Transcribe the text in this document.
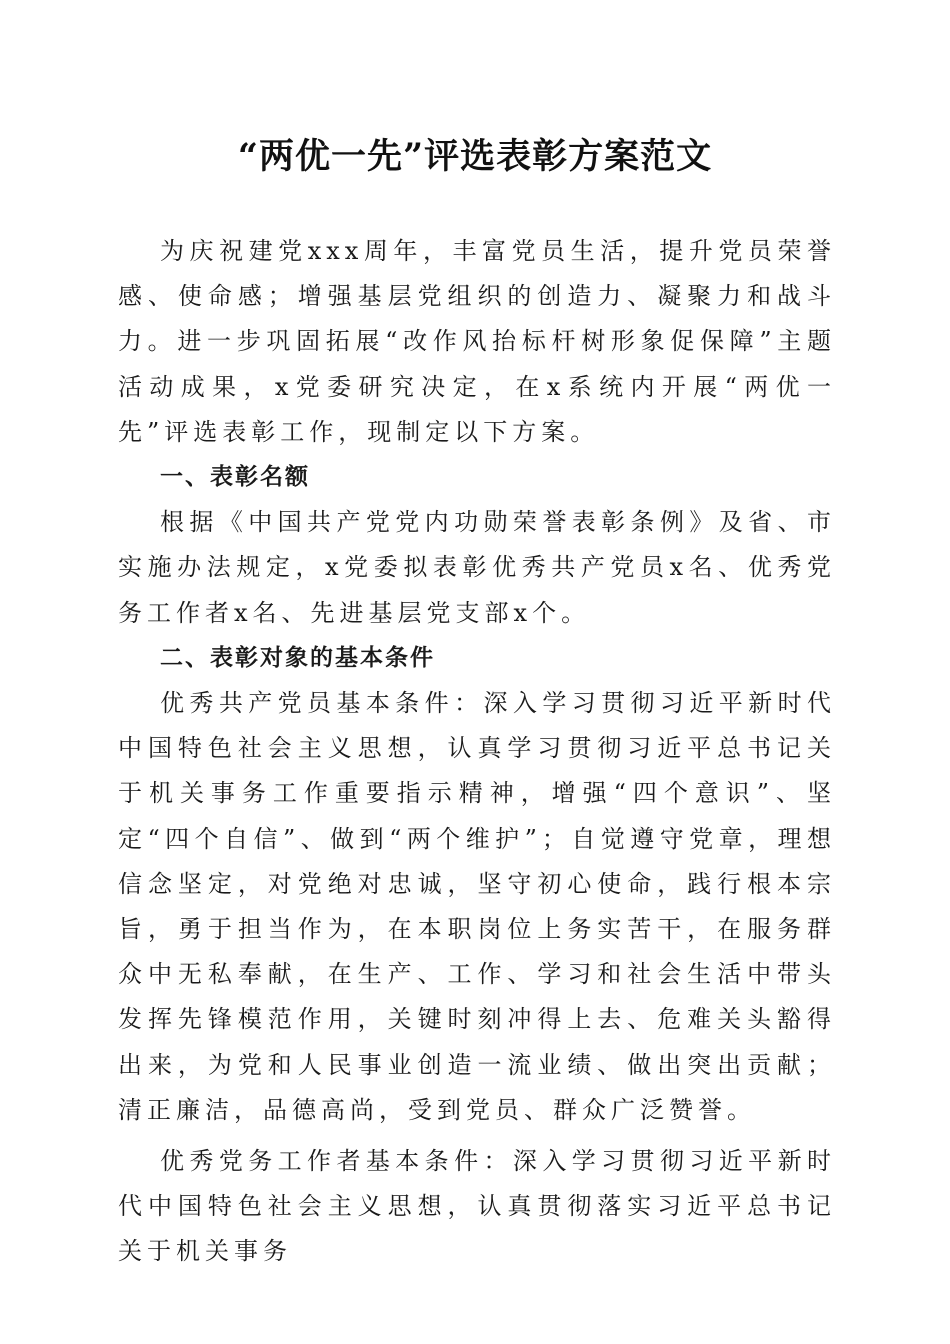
“两优一先”评选表彰方案范文

为庆祝建党xxx周年，丰富党员生活，提升党员荣誉感、使命感；增强基层党组织的创造力、凝聚力和战斗力。进一步巩固拓展“改作风抬标杆树形象促保障”主题活动成果，x党委研究决定，在x系统内开展“两优一先”评选表彰工作，现制定以下方案。

一、表彰名额

根据《中国共产党党内功勋荣誉表彰条例》及省、市实施办法规定，x党委拟表彰优秀共产党员x名、优秀党务工作者x名、先进基层党支部x个。

二、表彰对象的基本条件

优秀共产党员基本条件：深入学习贯彻习近平新时代中国特色社会主义思想，认真学习贯彻习近平总书记关于机关事务工作重要指示精神，增强“四个意识”、坚定“四个自信”、做到“两个维护”；自觉遵守党章，理想信念坚定，对党绝对忠诚，坚守初心使命，践行根本宗旨，勇于担当作为，在本职岗位上务实苦干，在服务群众中无私奉献，在生产、工作、学习和社会生活中带头发挥先锋模范作用，关键时刻冲得上去、危难关头豁得出来，为党和人民事业创造一流业绩、做出突出贡献；清正廉洁，品德高尚，受到党员、群众广泛赞誉。

优秀党务工作者基本条件：深入学习贯彻习近平新时代中国特色社会主义思想，认真贯彻落实习近平总书记关于机关事务
